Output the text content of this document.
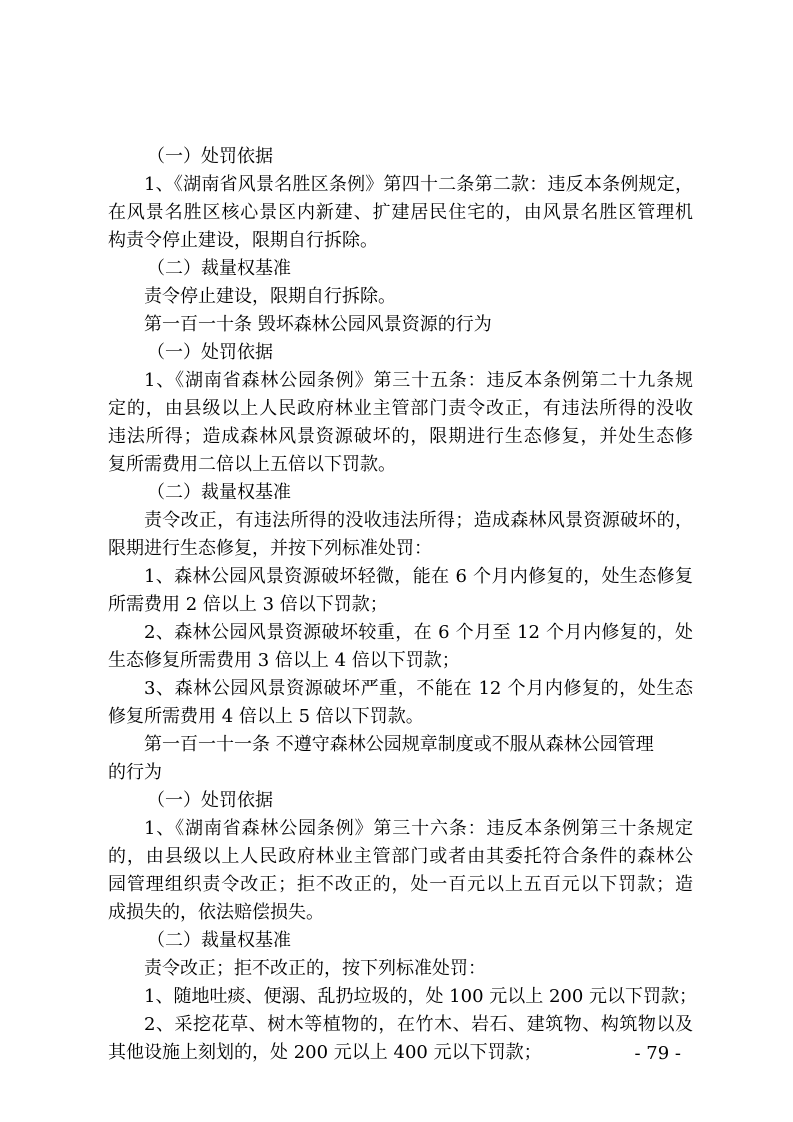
（一）处罚依据
1、《湖南省风景名胜区条例》第四十二条第二款：违反本条例规定，
在风景名胜区核心景区内新建、扩建居民住宅的，由风景名胜区管理机
构责令停止建设，限期自行拆除。
（二）裁量权基准
责令停止建设，限期自行拆除。
第一百一十条 毁坏森林公园风景资源的行为
（一）处罚依据
1、《湖南省森林公园条例》第三十五条：违反本条例第二十九条规
定的，由县级以上人民政府林业主管部门责令改正，有违法所得的没收
违法所得；造成森林风景资源破坏的，限期进行生态修复，并处生态修
复所需费用二倍以上五倍以下罚款。
（二）裁量权基准
责令改正，有违法所得的没收违法所得；造成森林风景资源破坏的，
限期进行生态修复，并按下列标准处罚：
1、森林公园风景资源破坏轻微，能在 6 个月内修复的，处生态修复
所需费用 2 倍以上 3 倍以下罚款；
2、森林公园风景资源破坏较重，在 6 个月至 12 个月内修复的，处
生态修复所需费用 3 倍以上 4 倍以下罚款；
3、森林公园风景资源破坏严重，不能在 12 个月内修复的，处生态
修复所需费用 4 倍以上 5 倍以下罚款。
第一百一十一条 不遵守森林公园规章制度或不服从森林公园管理
的行为
（一）处罚依据
1、《湖南省森林公园条例》第三十六条：违反本条例第三十条规定
的，由县级以上人民政府林业主管部门或者由其委托符合条件的森林公
园管理组织责令改正；拒不改正的，处一百元以上五百元以下罚款；造
成损失的，依法赔偿损失。
（二）裁量权基准
责令改正；拒不改正的，按下列标准处罚：
1、随地吐痰、便溺、乱扔垃圾的，处 100 元以上 200 元以下罚款；
2、采挖花草、树木等植物的，在竹木、岩石、建筑物、构筑物以及
其他设施上刻划的，处 200 元以上 400 元以下罚款；	- 79 -
